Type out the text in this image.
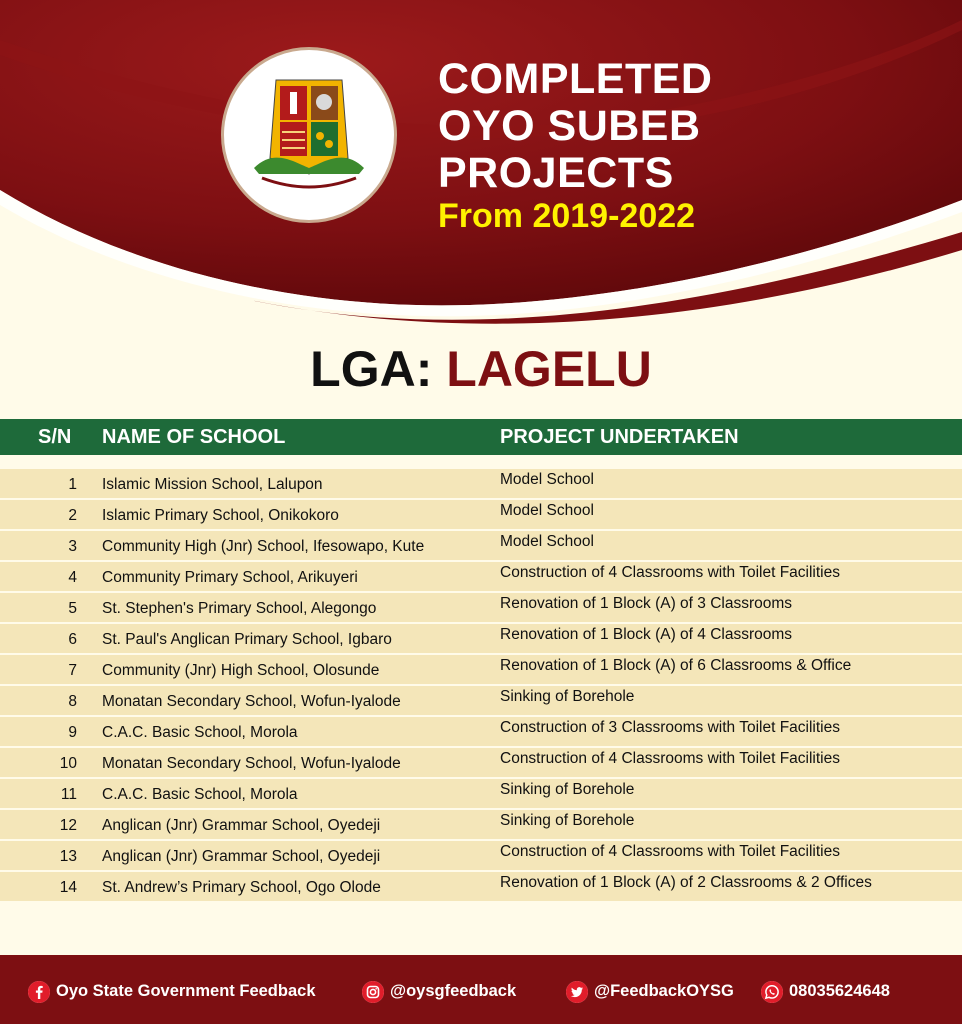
COMPLETED
OYO SUBEB
PROJECTS
From 2019-2022
LGA: LAGELU
S/N NAME OF SCHOOL	PROJECT UNDERTAKEN
1 Islamic Mission School, Lalupon	Model School
2 Islamic Primary School, Onikokoro	Model School
3 Community High (Jnr) School, Ifesowapo, Kute	Model School
4 Community Primary School, Arikuyeri	Construction of 4 Classrooms with Toilet Facilities
5 St. Stephen's Primary School, Alegongo	Renovation of 1 Block (A) of 3 Classrooms
6 St. Paul's Anglican Primary School, Igbaro	Renovation of 1 Block (A) of 4 Classrooms
7 Community (Jnr) High School, Olosunde	Renovation of 1 Block (A) of 6 Classrooms & Office
8 Monatan Secondary School, Wofun-Iyalode	Sinking of Borehole
9 C.A.C. Basic School, Morola	Construction of 3 Classrooms with Toilet Facilities
10 Monatan Secondary School, Wofun-Iyalode	Construction of 4 Classrooms with Toilet Facilities
11 C.A.C. Basic School, Morola	Sinking of Borehole
12 Anglican (Jnr) Grammar School, Oyedeji	Sinking of Borehole
13 Anglican (Jnr) Grammar School, Oyedeji	Construction of 4 Classrooms with Toilet Facilities
14 St. Andrew’s Primary School, Ogo Olode	Renovation of 1 Block (A) of 2 Classrooms & 2 Offices
Oyo State Government Feedback	@oysgfeedback	@FeedbackOYSG	08035624648
